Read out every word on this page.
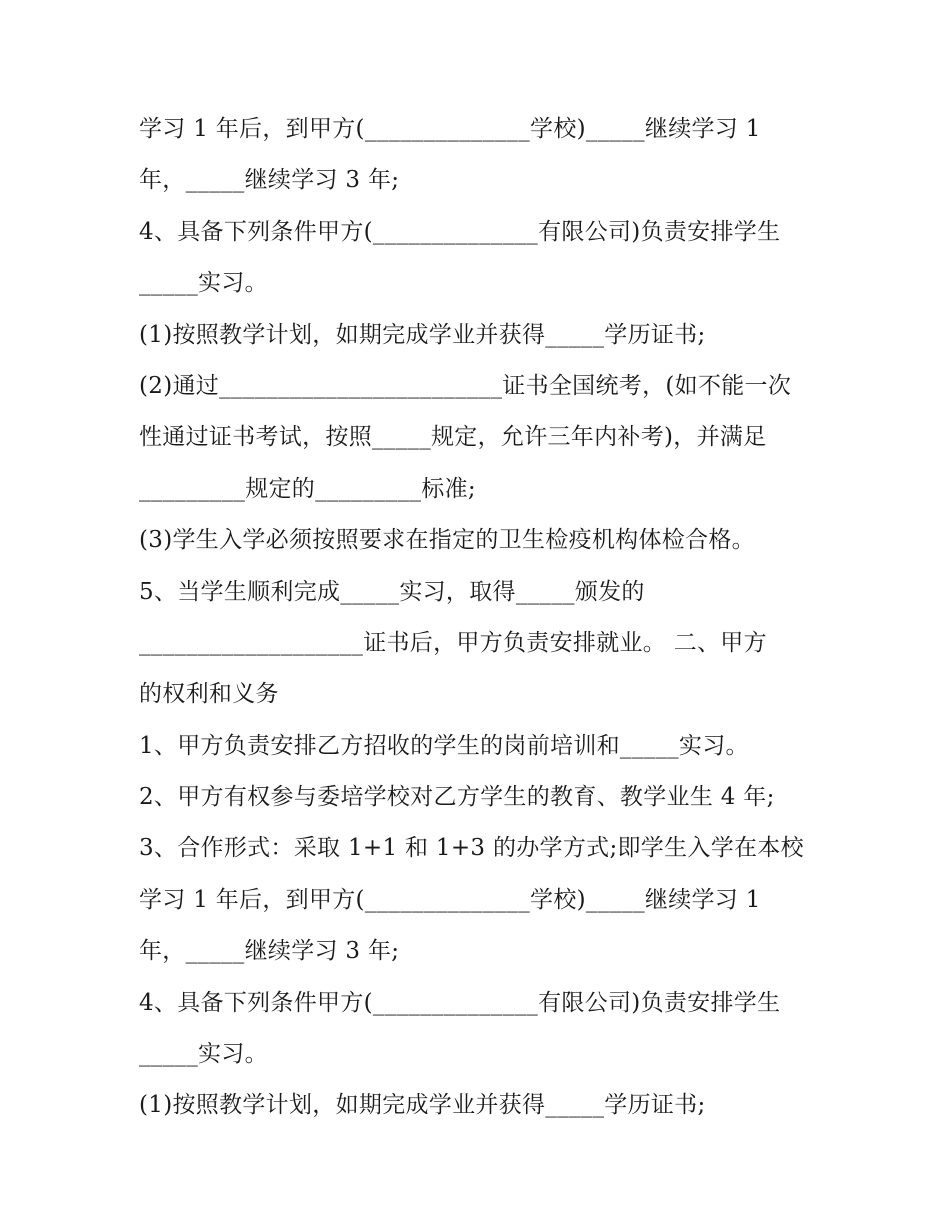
学习 1 年后，到甲方(______________学校)_____继续学习 1
年，_____继续学习 3 年;
4、具备下列条件甲方(______________有限公司)负责安排学生
_____实习。
(1)按照教学计划，如期完成学业并获得_____学历证书;
(2)通过________________________证书全国统考，(如不能一次
性通过证书考试，按照_____规定，允许三年内补考)，并满足
_________规定的_________标准;
(3)学生入学必须按照要求在指定的卫生检疫机构体检合格。
5、当学生顺利完成_____实习，取得_____颁发的
___________________证书后，甲方负责安排就业。 二、甲方
的权利和义务
1、甲方负责安排乙方招收的学生的岗前培训和_____实习。
2、甲方有权参与委培学校对乙方学生的教育、教学业生 4 年;
3、合作形式：采取 1+1 和 1+3 的办学方式;即学生入学在本校
学习 1 年后，到甲方(______________学校)_____继续学习 1
年，_____继续学习 3 年;
4、具备下列条件甲方(______________有限公司)负责安排学生
_____实习。
(1)按照教学计划，如期完成学业并获得_____学历证书;
